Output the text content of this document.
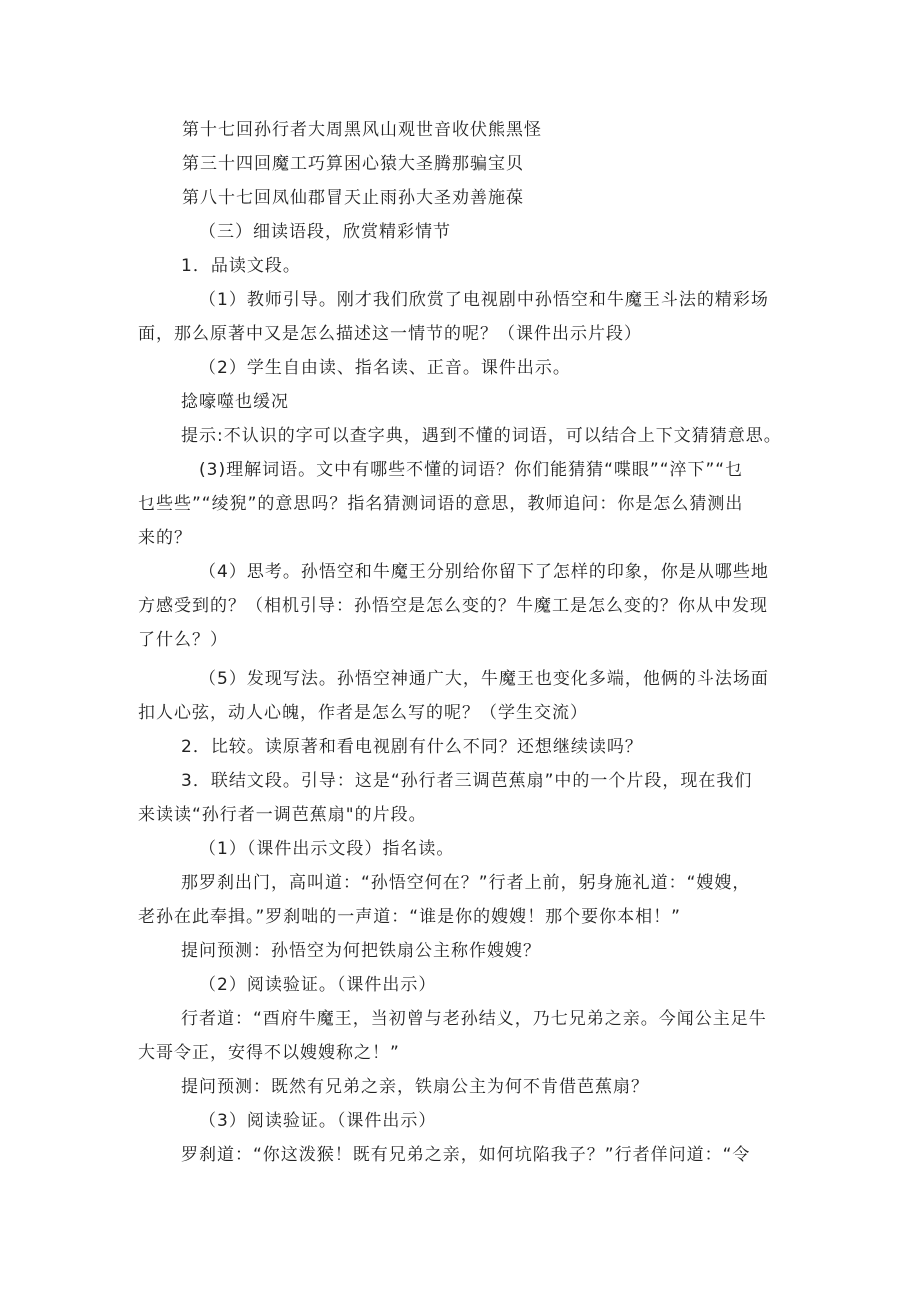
第十七回孙行者大周黑风山观世音收伏熊黑怪
第三十四回魔工巧算困心猿大圣腾那骗宝贝
第八十七回凤仙郡冒天止雨孙大圣劝善施葆
（三）细读语段，欣赏精彩情节
1．品读文段。
（1）教师引导。刚才我们欣赏了电视剧中孙悟空和牛魔王斗法的精彩场
面，那么原著中又是怎么描述这一情节的呢？（课件出示片段）
（2）学生自由读、指名读、正音。课件出示。
捻嚎噬也缓况
提示:不认识的字可以查字典，遇到不懂的词语，可以结合上下文猜猜意思。
(3)理解词语。文中有哪些不懂的词语？你们能猜猜“喋眼”“淬下”“乜
乜些些”“绫猊”的意思吗？指名猜测词语的意思，教师追问：你是怎么猜测出
来的？
（4）思考。孙悟空和牛魔王分别给你留下了怎样的印象，你是从哪些地
方感受到的？（相机引导：孙悟空是怎么变的？牛魔工是怎么变的？你从中发现
了什么？）
（5）发现写法。孙悟空神通广大，牛魔王也变化多端，他俩的斗法场面
扣人心弦，动人心魄，作者是怎么写的呢？（学生交流）
2．比较。读原著和看电视剧有什么不同？还想继续读吗？
3．联结文段。引导：这是“孙行者三调芭蕉扇”中的一个片段，现在我们
来读读“孙行者一调芭蕉扇"的片段。
（1）（课件出示文段）指名读。
那罗刹出门，高叫道：“孙悟空何在？”行者上前，躬身施礼道：“嫂嫂，
老孙在此奉揖。”罗刹咄的一声道：“谁是你的嫂嫂！那个要你本相！”
提问预测：孙悟空为何把铁扇公主称作嫂嫂？
（2）阅读验证。（课件出示）
行者道：“酉府牛魔王，当初曾与老孙结义，乃七兄弟之亲。今闻公主足牛
大哥令正，安得不以嫂嫂称之！”
提问预测：既然有兄弟之亲，铁扇公主为何不肯借芭蕉扇？
（3）阅读验证。（课件出示）
罗刹道：“你这泼猴！既有兄弟之亲，如何坑陷我子？”行者佯问道：“令
